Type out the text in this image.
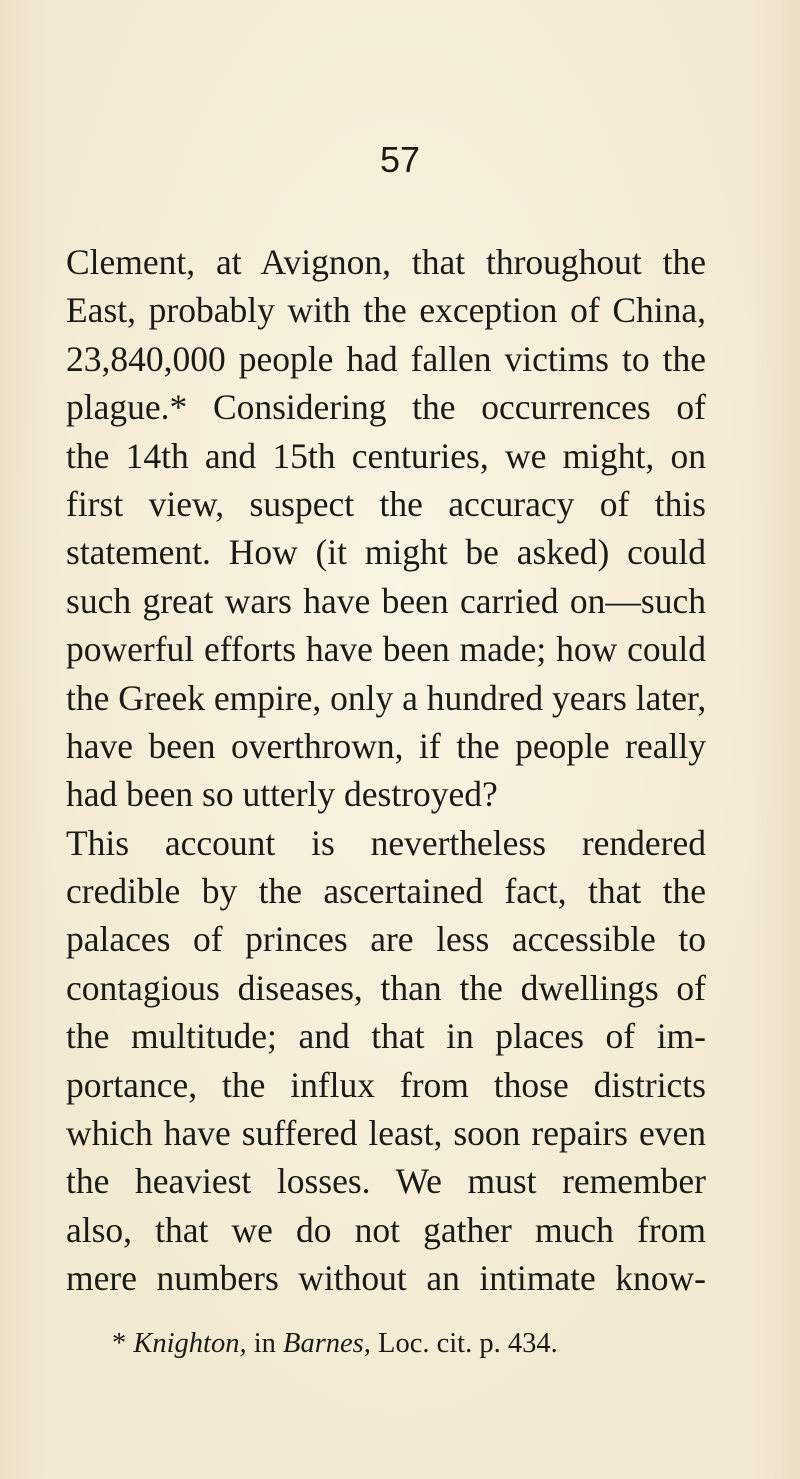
57
Clement, at Avignon, that throughout the
East, probably with the exception of China,
23,840,000 people had fallen victims to the
plague.* Considering the occurrences of
the 14th and 15th centuries, we might, on
first view, suspect the accuracy of this
statement. How (it might be asked) could
such great wars have been carried on—such
powerful efforts have been made; how could
the Greek empire, only a hundred years later,
have been overthrown, if the people really
had been so utterly destroyed?
This account is nevertheless rendered
credible by the ascertained fact, that the
palaces of princes are less accessible to
contagious diseases, than the dwellings of
the multitude; and that in places of im-
portance, the influx from those districts
which have suffered least, soon repairs even
the heaviest losses. We must remember
also, that we do not gather much from
mere numbers without an intimate know-
* Knighton, in Barnes, Loc. cit. p. 434.
